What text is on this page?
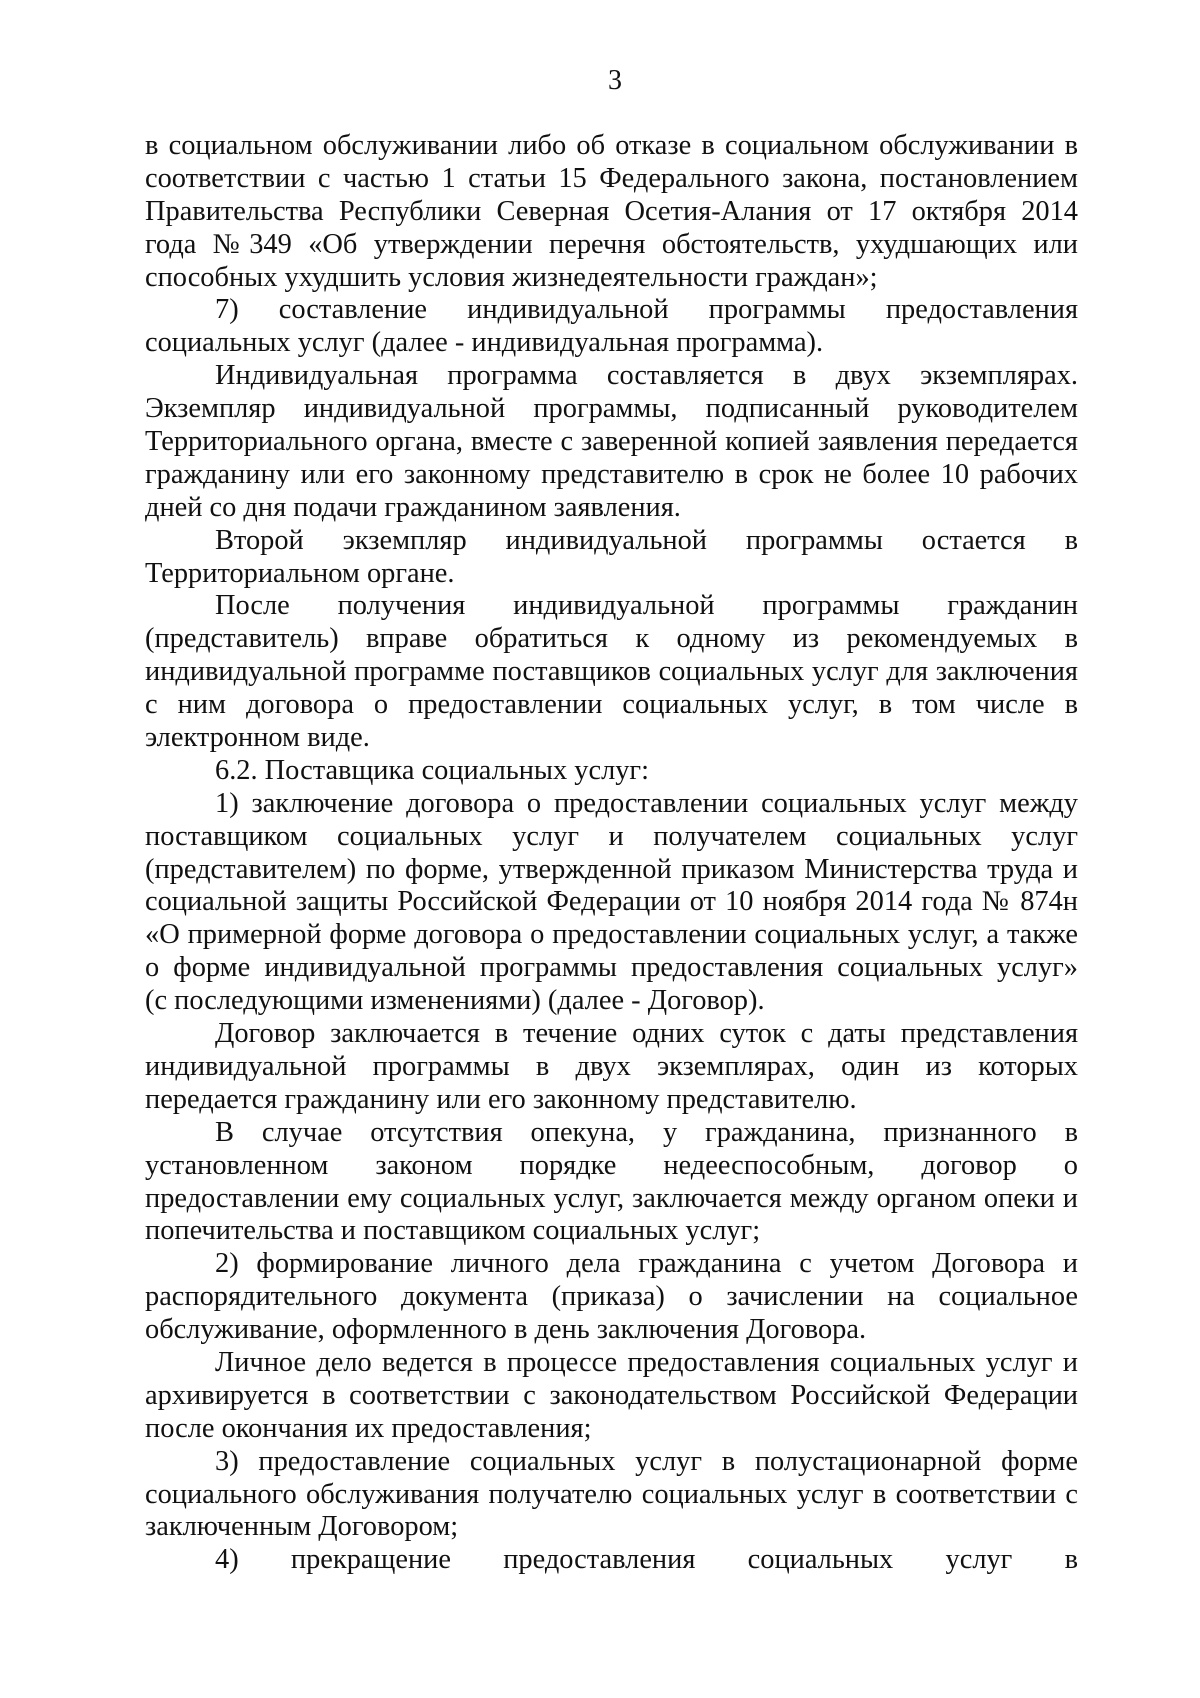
3
в социальном обслуживании либо об отказе в социальном обслуживании в
соответствии с частью 1 статьи 15 Федерального закона, постановлением
Правительства Республики Северная Осетия-Алания от 17 октября 2014
года №349 «Об утверждении перечня обстоятельств, ухудшающих или
способных ухудшить условия жизнедеятельности граждан»;
7) составление индивидуальной программы предоставления
социальных услуг (далее - индивидуальная программа).
Индивидуальная программа составляется в двух экземплярах.
Экземпляр индивидуальной программы, подписанный руководителем
Территориального органа, вместе с заверенной копией заявления передается
гражданину или его законному представителю в срок не более 10 рабочих
дней со дня подачи гражданином заявления.
Второй экземпляр индивидуальной программы остается в
Территориальном органе.
После получения индивидуальной программы гражданин
(представитель) вправе обратиться к одному из рекомендуемых в
индивидуальной программе поставщиков социальных услуг для заключения
с ним договора о предоставлении социальных услуг, в том числе в
электронном виде.
6.2. Поставщика социальных услуг:
1) заключение договора о предоставлении социальных услуг между
поставщиком социальных услуг и получателем социальных услуг
(представителем) по форме, утвержденной приказом Министерства труда и
социальной защиты Российской Федерации от 10 ноября 2014 года № 874н
«О примерной форме договора о предоставлении социальных услуг, а также
о форме индивидуальной программы предоставления социальных услуг»
(с последующими изменениями) (далее - Договор).
Договор заключается в течение одних суток с даты представления
индивидуальной программы в двух экземплярах, один из которых
передается гражданину или его законному представителю.
В случае отсутствия опекуна, у гражданина, признанного в
установленном законом порядке недееспособным, договор о
предоставлении ему социальных услуг, заключается между органом опеки и
попечительства и поставщиком социальных услуг;
2) формирование личного дела гражданина с учетом Договора и
распорядительного документа (приказа) о зачислении на социальное
обслуживание, оформленного в день заключения Договора.
Личное дело ведется в процессе предоставления социальных услуг и
архивируется в соответствии с законодательством Российской Федерации
после окончания их предоставления;
3) предоставление социальных услуг в полустационарной форме
социального обслуживания получателю социальных услуг в соответствии с
заключенным Договором;
4) прекращение предоставления социальных услуг в
